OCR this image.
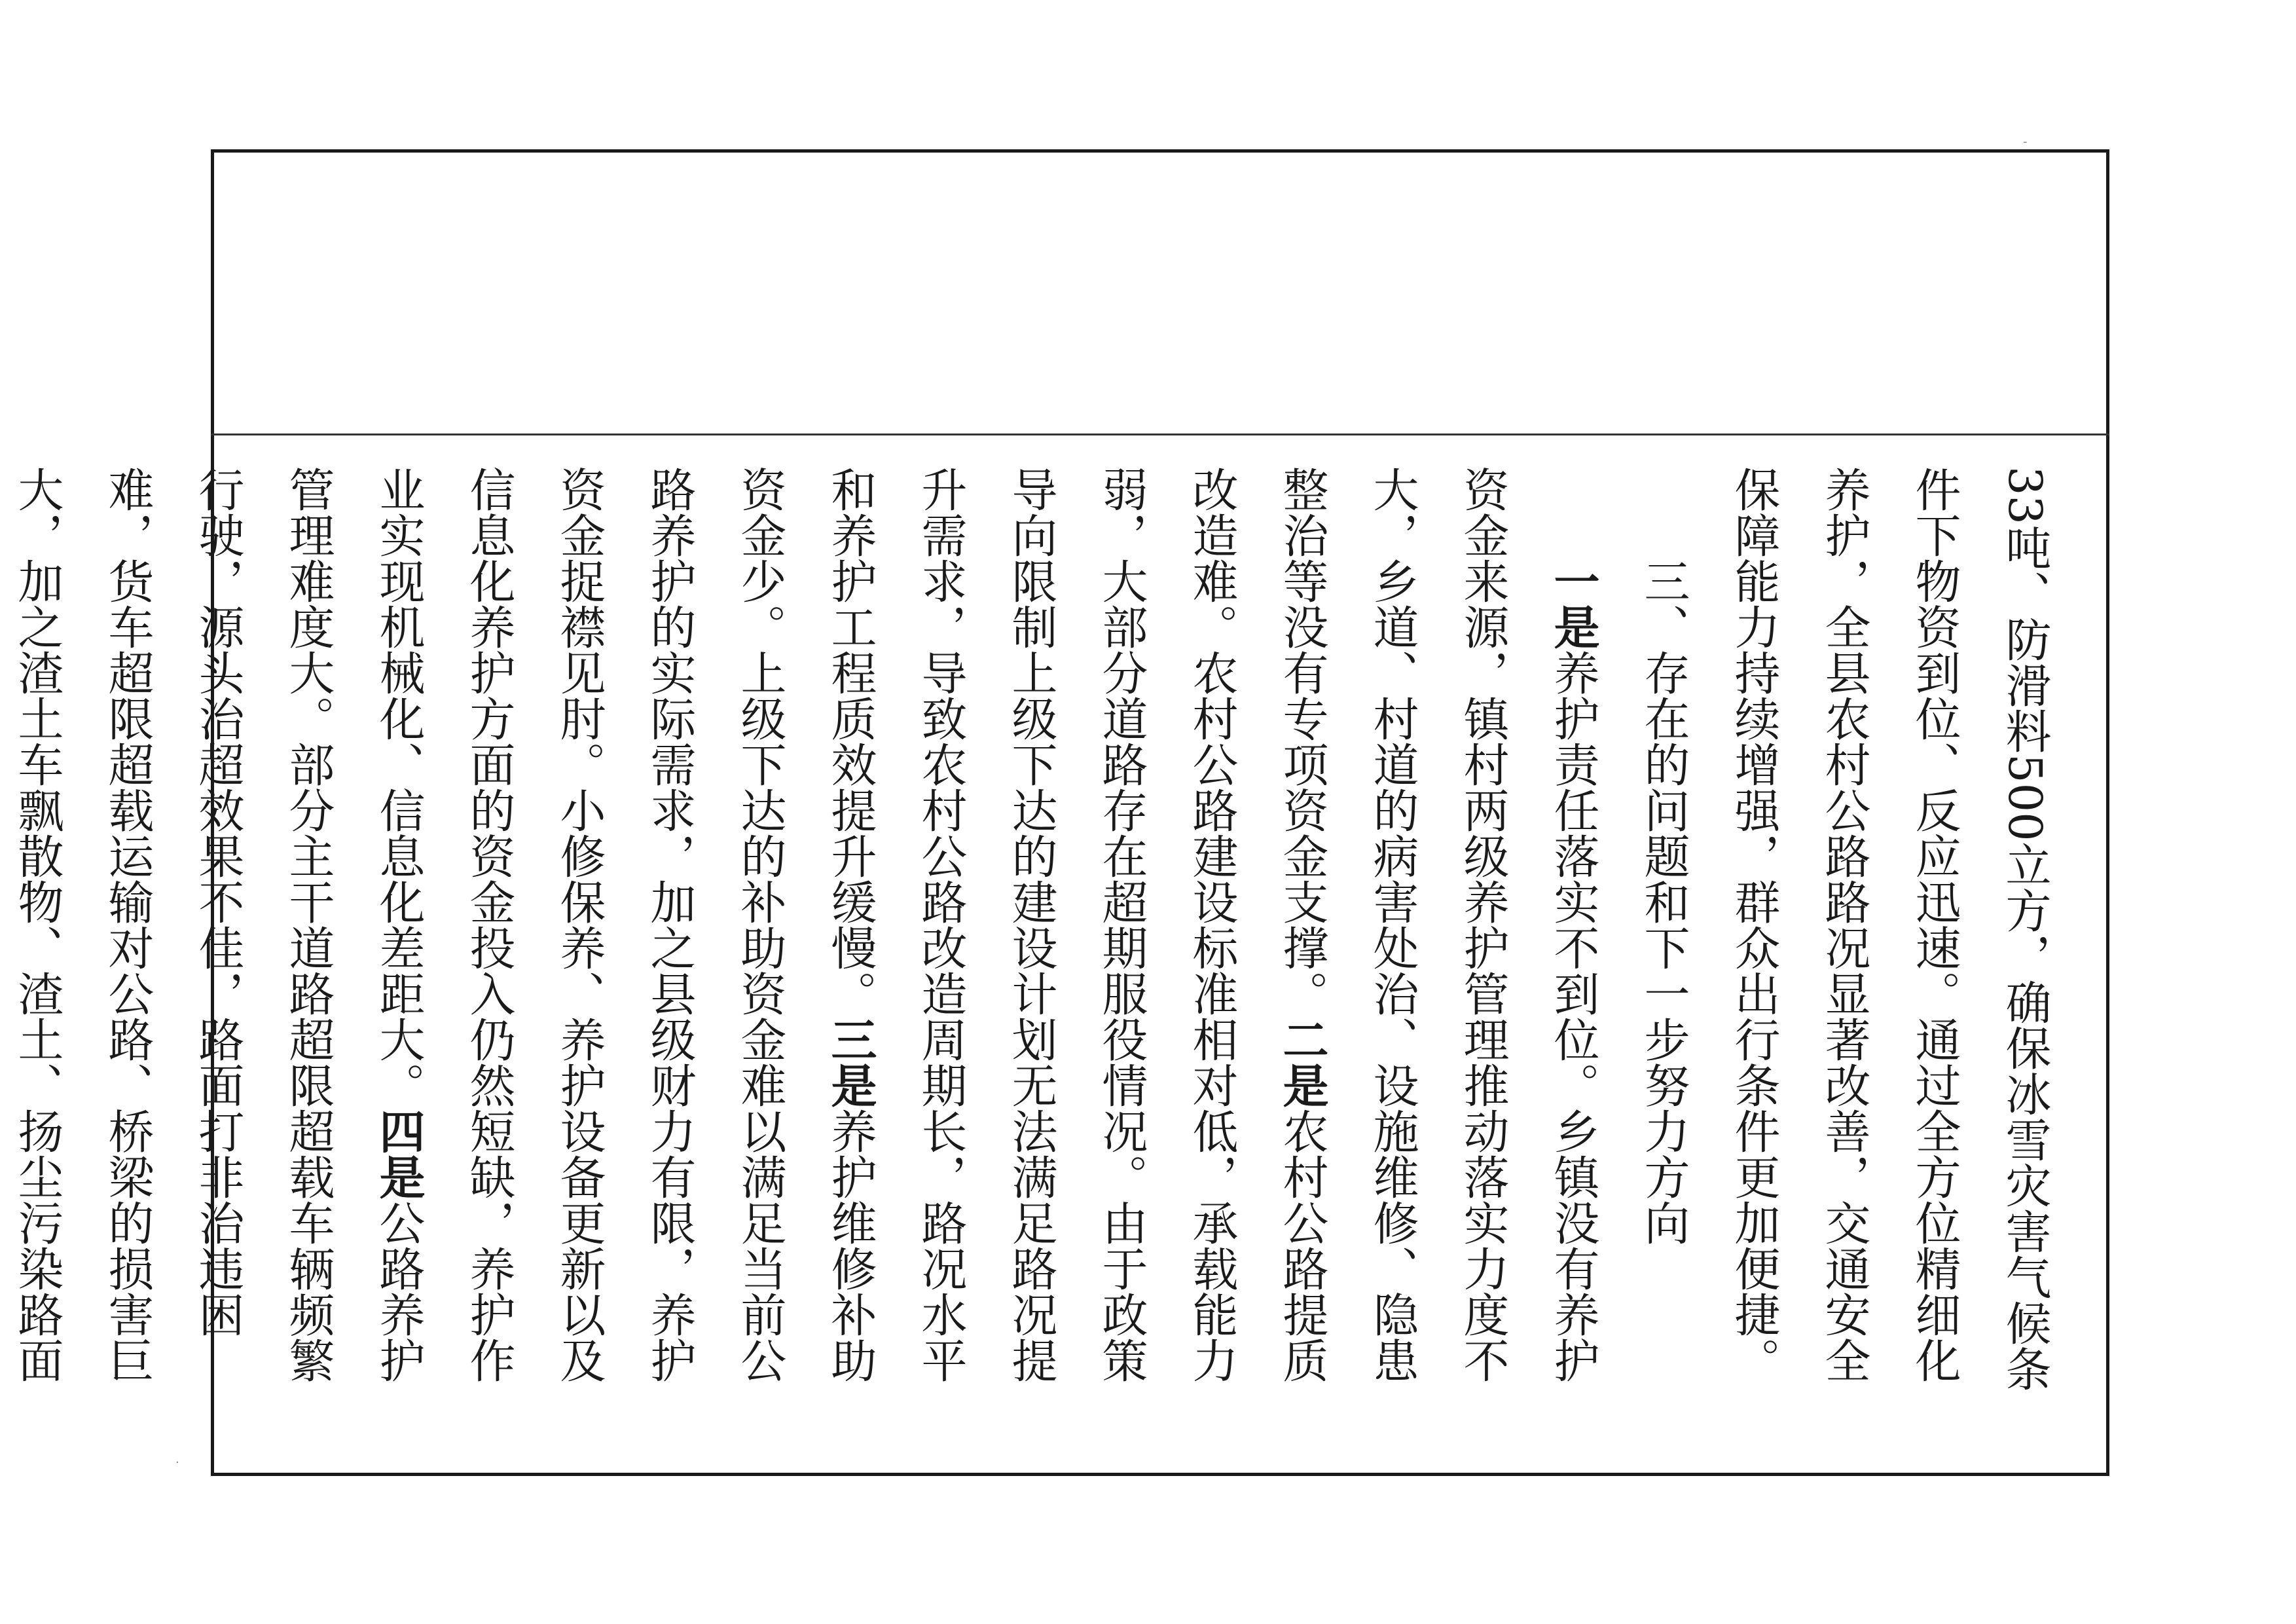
33吨、防滑料500立方，确保冰雪灾害气候条件下物资到位、反应迅速。通过全方位精细化养护，全县农村公路路况显著改善，交通安全保障能力持续增强，群众出行条件更加便捷。

三、存在的问题和下一步努力方向

一是养护责任落实不到位。乡镇没有养护资金来源，镇村两级养护管理推动落实力度不大，乡道、村道的病害处治、设施维修、隐患整治等没有专项资金支撑。二是农村公路提质改造难。农村公路建设标准相对低，承载能力弱，大部分道路存在超期服役情况。由于政策导向限制上级下达的建设计划无法满足路况提升需求，导致农村公路改造周期长，路况水平和养护工程质效提升缓慢。三是养护维修补助资金少。上级下达的补助资金难以满足当前公路养护的实际需求，加之县级财力有限，养护资金捉襟见肘。小修保养、养护设备更新以及信息化养护方面的资金投入仍然短缺，养护作业实现机械化、信息化差距大。四是公路养护管理难度大。部分主干道路超限超载车辆频繁行驶，源头治超效果不佳，路面打非治违困难，货车超限超载运输对公路、桥梁的损害巨大，加之渣土车飘散物、渣土、扬尘污染路面

-
.
